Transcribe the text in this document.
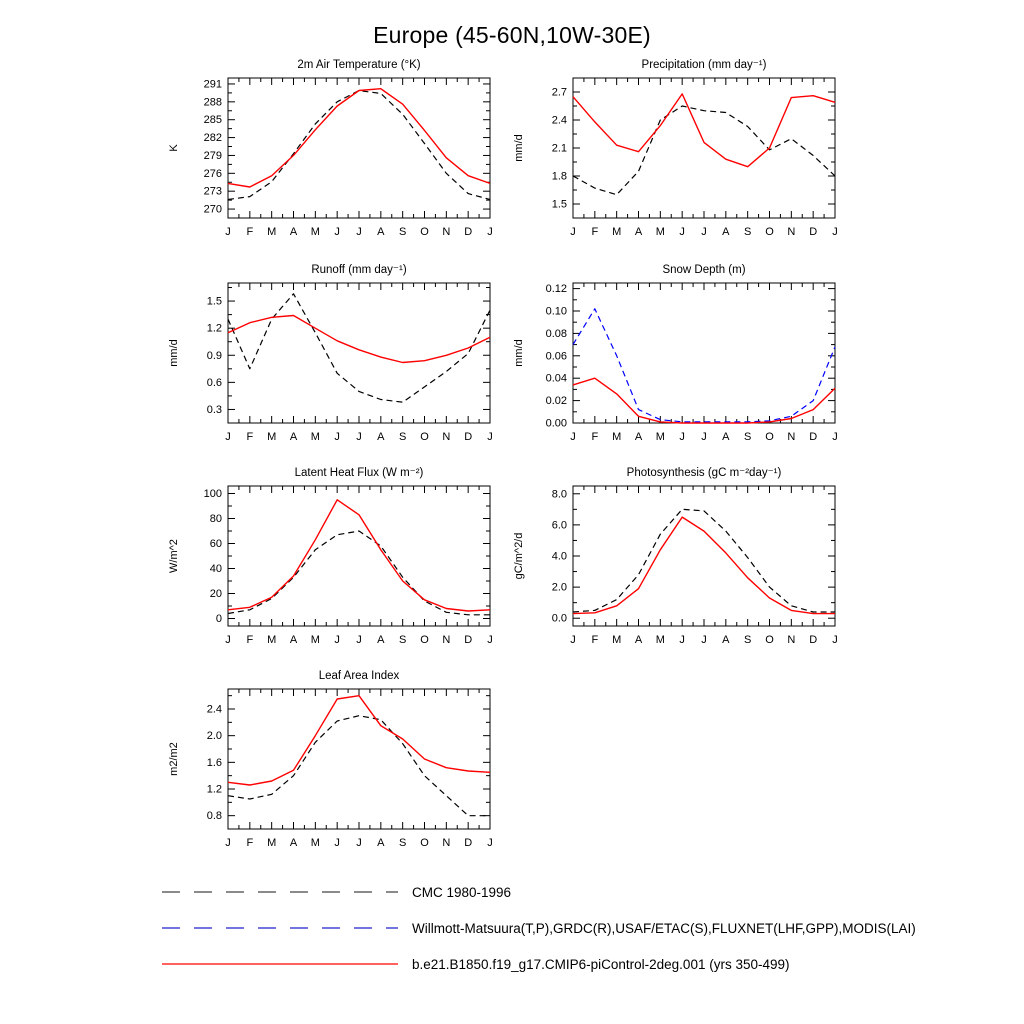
Europe (45-60N,10W-30E)
2m Air Temperature (°K)
J F M A M J J A S O N D J
270
273
276
279
282
285
288
291
K
Precipitation (mm day⁻¹)
J F M A M J J A S O N D J
1.5
1.8
2.1
2.4
2.7
mm/d
Runoff (mm day⁻¹)
J F M A M J J A S O N D J
0.3
0.6
0.9
1.2
1.5
mm/d
Snow Depth (m)
J F M A M J J A S O N D J
0.00
0.02
0.04
0.06
0.08
0.10
0.12
mm/d
Latent Heat Flux (W m⁻²)
J F M A M J J A S O N D J
0
20
40
60
80
100
W/m^2
Photosynthesis (gC m⁻²day⁻¹)
J F M A M J J A S O N D J
0.0
2.0
4.0
6.0
8.0
gC/m^2/d
Leaf Area Index
J F M A M J J A S O N D J
0.8
1.2
1.6
2.0
2.4
m2/m2
CMC 1980-1996
Willmott-Matsuura(T,P),GRDC(R),USAF/ETAC(S),FLUXNET(LHF,GPP),MODIS(LAI)
b.e21.B1850.f19_g17.CMIP6-piControl-2deg.001 (yrs 350-499)
